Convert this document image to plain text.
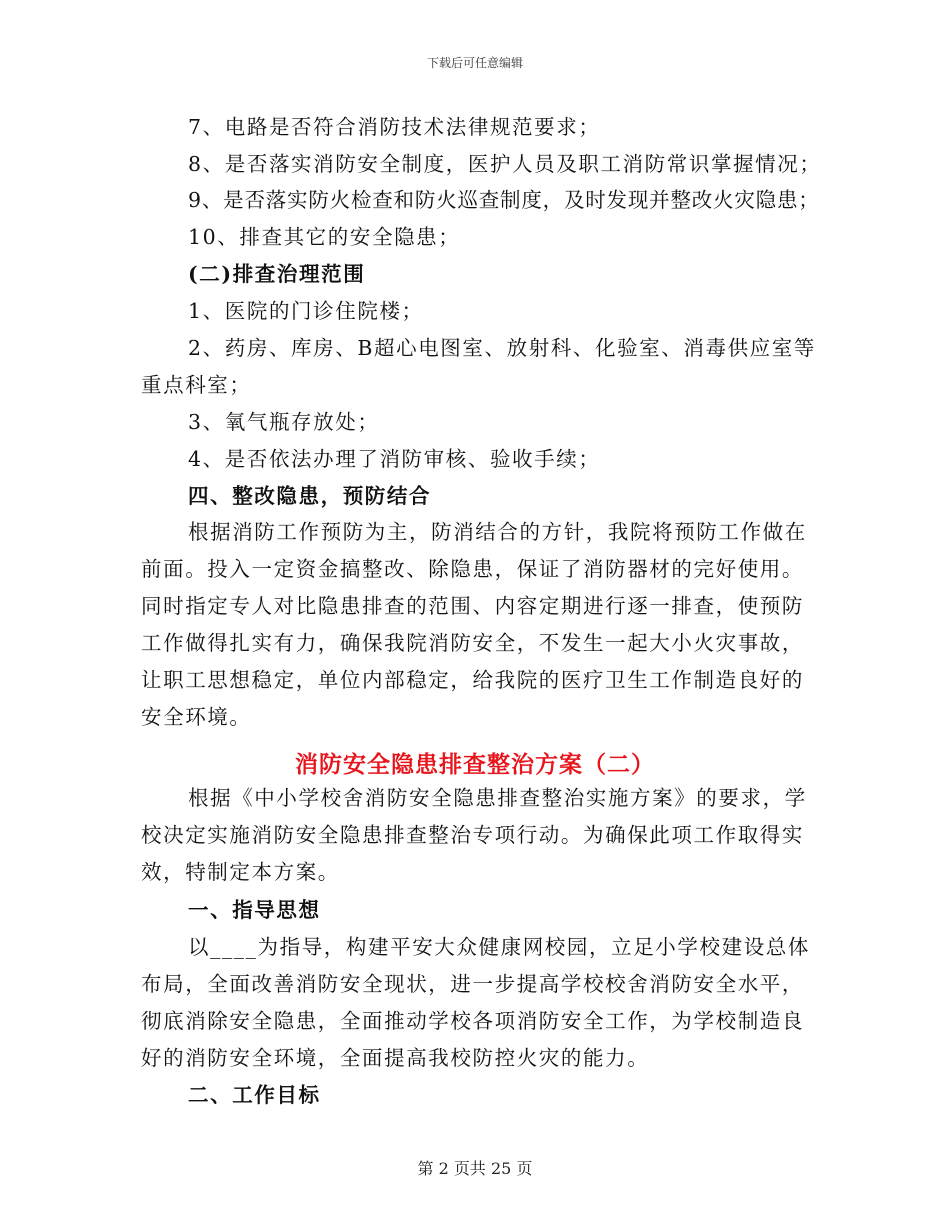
下载后可任意编辑
7、电路是否符合消防技术法律规范要求；
8、是否落实消防安全制度，医护人员及职工消防常识掌握情况；
9、是否落实防火检查和防火巡查制度，及时发现并整改火灾隐患；
10、排查其它的安全隐患；
(二)排查治理范围
1、医院的门诊住院楼；
2、药房、库房、B超心电图室、放射科、化验室、消毒供应室等
重点科室；
3、氧气瓶存放处；
4、是否依法办理了消防审核、验收手续；
四、整改隐患，预防结合
根据消防工作预防为主，防消结合的方针，我院将预防工作做在
前面。投入一定资金搞整改、除隐患，保证了消防器材的完好使用。
同时指定专人对比隐患排查的范围、内容定期进行逐一排查，使预防
工作做得扎实有力，确保我院消防安全，不发生一起大小火灾事故，
让职工思想稳定，单位内部稳定，给我院的医疗卫生工作制造良好的
安全环境。
消防安全隐患排查整治方案（二）
根据《中小学校舍消防安全隐患排查整治实施方案》的要求，学
校决定实施消防安全隐患排查整治专项行动。为确保此项工作取得实
效，特制定本方案。
一、指导思想
以____为指导，构建平安大众健康网校园，立足小学校建设总体
布局，全面改善消防安全现状，进一步提高学校校舍消防安全水平，
彻底消除安全隐患，全面推动学校各项消防安全工作，为学校制造良
好的消防安全环境，全面提高我校防控火灾的能力。
二、工作目标
第 2 页共 25 页
